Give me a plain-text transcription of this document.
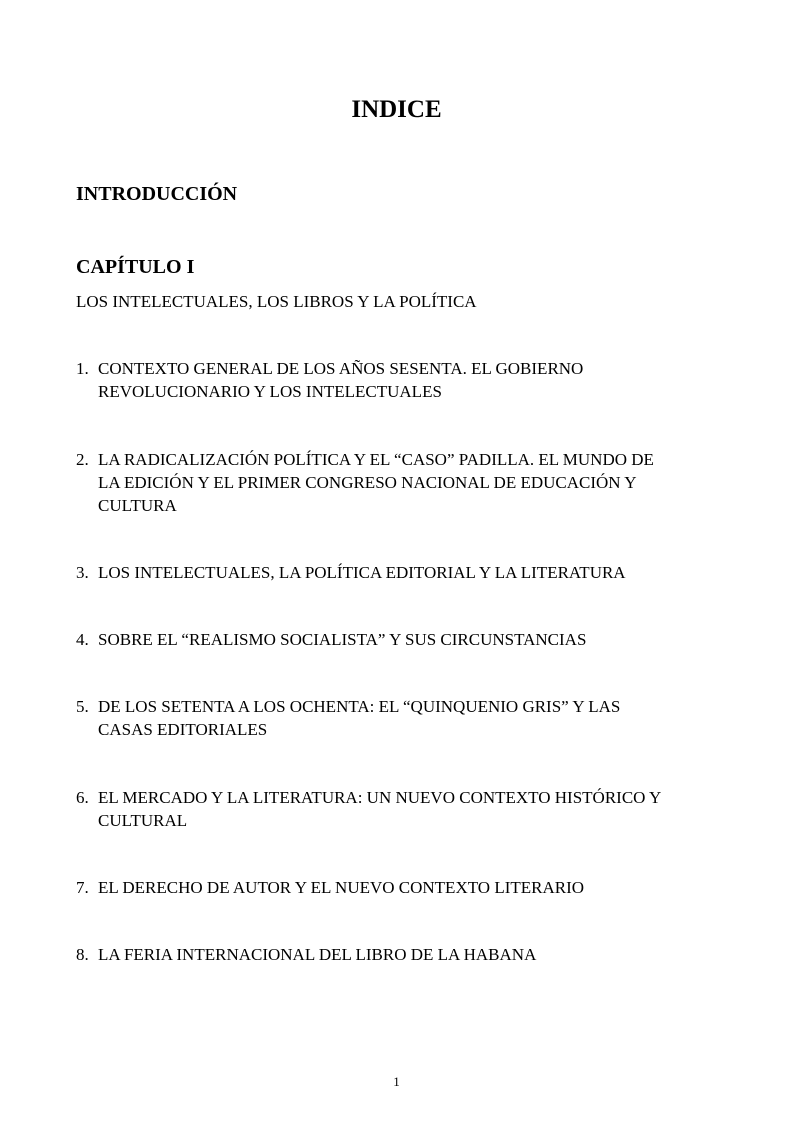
INDICE
INTRODUCCIÓN
CAPÍTULO I

LOS INTELECTUALES, LOS LIBROS Y LA POLÍTICA

1. CONTEXTO GENERAL DE LOS AÑOS SESENTA. EL GOBIERNO
REVOLUCIONARIO Y LOS INTELECTUALES
2. LA RADICALIZACIÓN POLÍTICA Y EL “CASO” PADILLA. EL MUNDO DE
LA EDICIÓN Y EL PRIMER CONGRESO NACIONAL DE EDUCACIÓN Y
CULTURA
3. LOS INTELECTUALES, LA POLÍTICA EDITORIAL Y LA LITERATURA
4. SOBRE EL “REALISMO SOCIALISTA” Y SUS CIRCUNSTANCIAS
5. DE LOS SETENTA A LOS OCHENTA: EL “QUINQUENIO GRIS” Y LAS
CASAS EDITORIALES
6. EL MERCADO Y LA LITERATURA: UN NUEVO CONTEXTO HISTÓRICO Y
CULTURAL
7. EL DERECHO DE AUTOR Y EL NUEVO CONTEXTO LITERARIO
8. LA FERIA INTERNACIONAL DEL LIBRO DE LA HABANA
1
